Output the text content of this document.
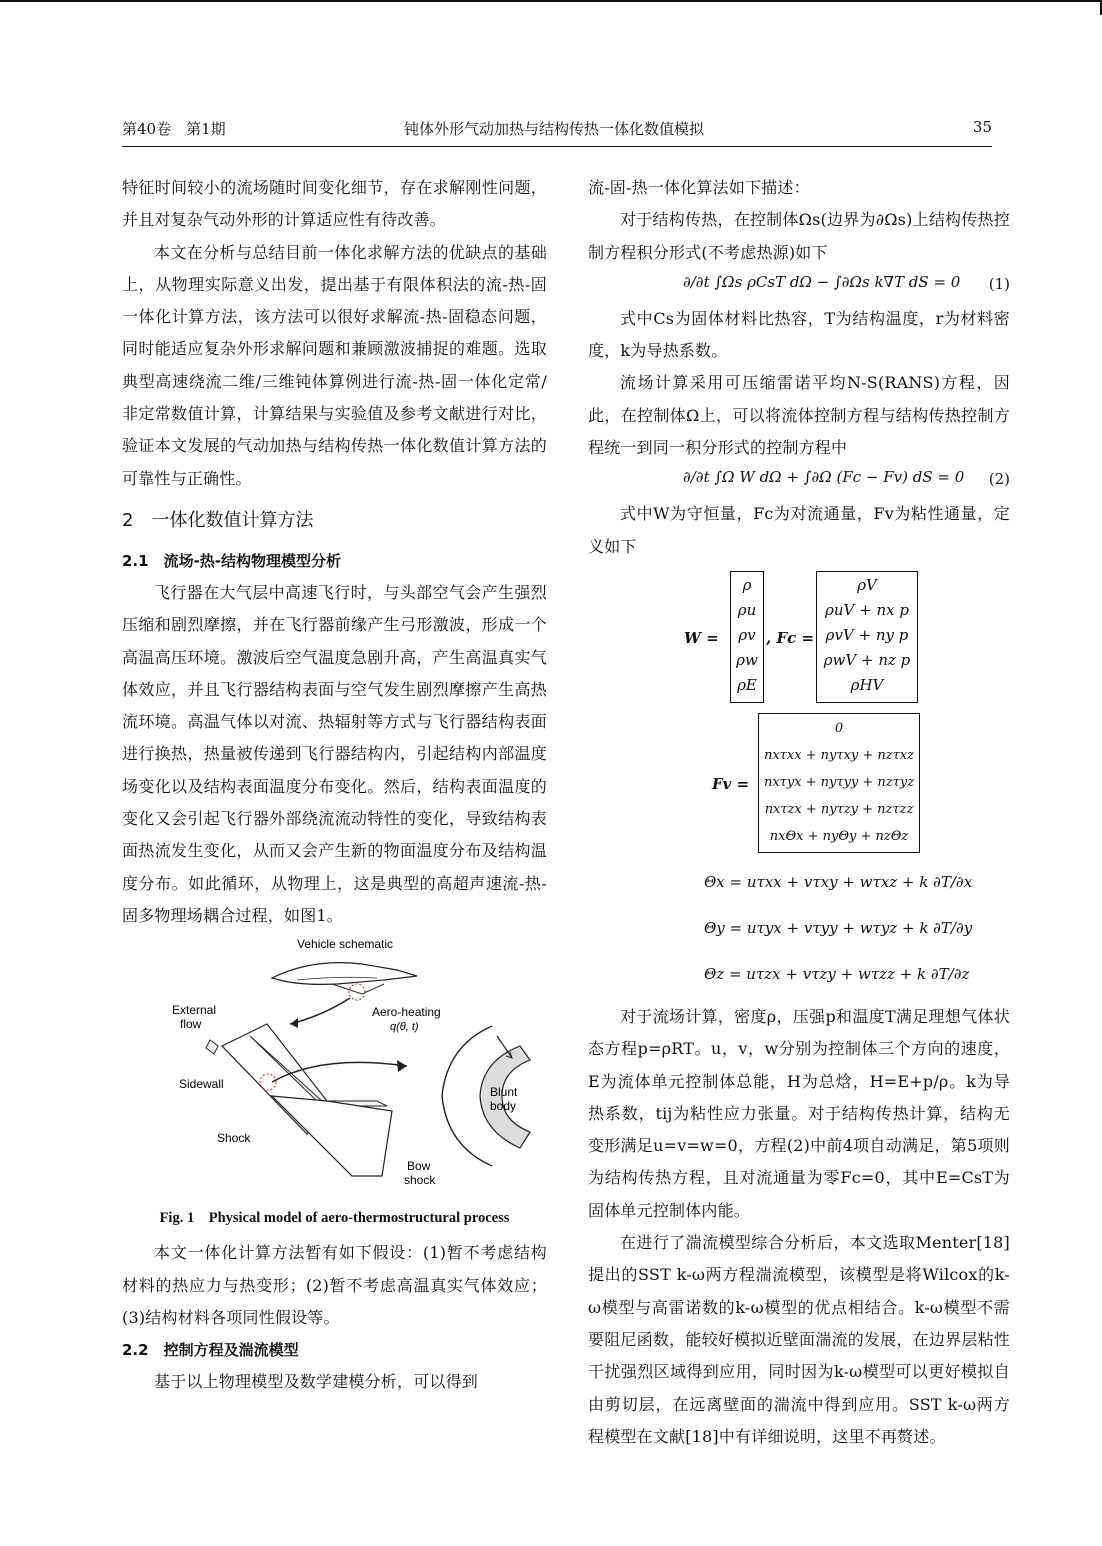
第40卷　第1期	钝体外形气动加热与结构传热一体化数值模拟	35

特征时间较小的流场随时间变化细节，存在求解刚性问题，并且对复杂气动外形的计算适应性有待改善。

本文在分析与总结目前一体化求解方法的优缺点的基础上，从物理实际意义出发，提出基于有限体积法的流-热-固一体化计算方法，该方法可以很好求解流-热-固稳态问题，同时能适应复杂外形求解问题和兼顾激波捕捉的难题。选取典型高速绕流二维/三维钝体算例进行流-热-固一体化定常/非定常数值计算，计算结果与实验值及参考文献进行对比，验证本文发展的气动加热与结构传热一体化数值计算方法的可靠性与正确性。

2　一体化数值计算方法
2.1　流场-热-结构物理模型分析

飞行器在大气层中高速飞行时，与头部空气会产生强烈压缩和剧烈摩擦，并在飞行器前缘产生弓形激波，形成一个高温高压环境。激波后空气温度急剧升高，产生高温真实气体效应，并且飞行器结构表面与空气发生剧烈摩擦产生高热流环境。高温气体以对流、热辐射等方式与飞行器结构表面进行换热，热量被传递到飞行器结构内，引起结构内部温度场变化以及结构表面温度分布变化。然后，结构表面温度的变化又会引起飞行器外部绕流流动特性的变化，导致结构表面热流发生变化，从而又会产生新的物面温度分布及结构温度分布。如此循环，从物理上，这是典型的高超声速流-热-固多物理场耦合过程，如图1。

Vehicle schematic
External
flow
Aero-heating
q(θ, t)
Sidewall
Shock
Blunt
body
Bow
shock
Fig. 1　Physical model of aero-thermostructural process

本文一体化计算方法暂有如下假设：(1)暂不考虑结构材料的热应力与热变形；(2)暂不考虑高温真实气体效应；(3)结构材料各项同性假设等。

2.2　控制方程及湍流模型

基于以上物理模型及数学建模分析，可以得到

流-固-热一体化算法如下描述：

对于结构传热，在控制体Ωs(边界为∂Ωs)上结构传热控制方程积分形式(不考虑热源)如下

∂/∂t ∫Ωs ρCsT dΩ − ∫∂Ωs k∇T dS = 0 (1)

式中Cs为固体材料比热容，T为结构温度，r为材料密度，k为导热系数。

流场计算采用可压缩雷诺平均N-S(RANS)方程，因此，在控制体Ω上，可以将流体控制方程与结构传热控制方程统一到同一积分形式的控制方程中

∂/∂t ∫Ω W dΩ + ∫∂Ω (Fc − Fv) dS = 0 (2)

式中W为守恒量，Fc为对流通量，Fv为粘性通量，定义如下

W =
ρ
ρu
ρv
ρw
ρE
, Fc =
ρV
ρuV + nx p
ρvV + ny p
ρwV + nz p
ρHV
Fv =
0
nxτxx + nyτxy + nzτxz
nxτyx + nyτyy + nzτyz
nxτzx + nyτzy + nzτzz
nxΘx + nyΘy + nzΘz
Θx = uτxx + vτxy + wτxz + k ∂T/∂x
Θy = uτyx + vτyy + wτyz + k ∂T/∂y
Θz = uτzx + vτzy + wτzz + k ∂T/∂z

对于流场计算，密度ρ，压强p和温度T满足理想气体状态方程p=ρRT。u，v，w分别为控制体三个方向的速度，E为流体单元控制体总能，H为总焓，H=E+p/ρ。k为导热系数，tij为粘性应力张量。对于结构传热计算，结构无变形满足u=v=w=0，方程(2)中前4项自动满足，第5项则为结构传热方程，且对流通量为零Fc=0，其中E=CsT为固体单元控制体内能。

在进行了湍流模型综合分析后，本文选取Menter[18]提出的SST k-ω两方程湍流模型，该模型是将Wilcox的k-ω模型与高雷诺数的k-ω模型的优点相结合。k-ω模型不需要阻尼函数，能较好模拟近壁面湍流的发展，在边界层粘性干扰强烈区域得到应用，同时因为k-ω模型可以更好模拟自由剪切层，在远离壁面的湍流中得到应用。SST k-ω两方程模型在文献[18]中有详细说明，这里不再赘述。
